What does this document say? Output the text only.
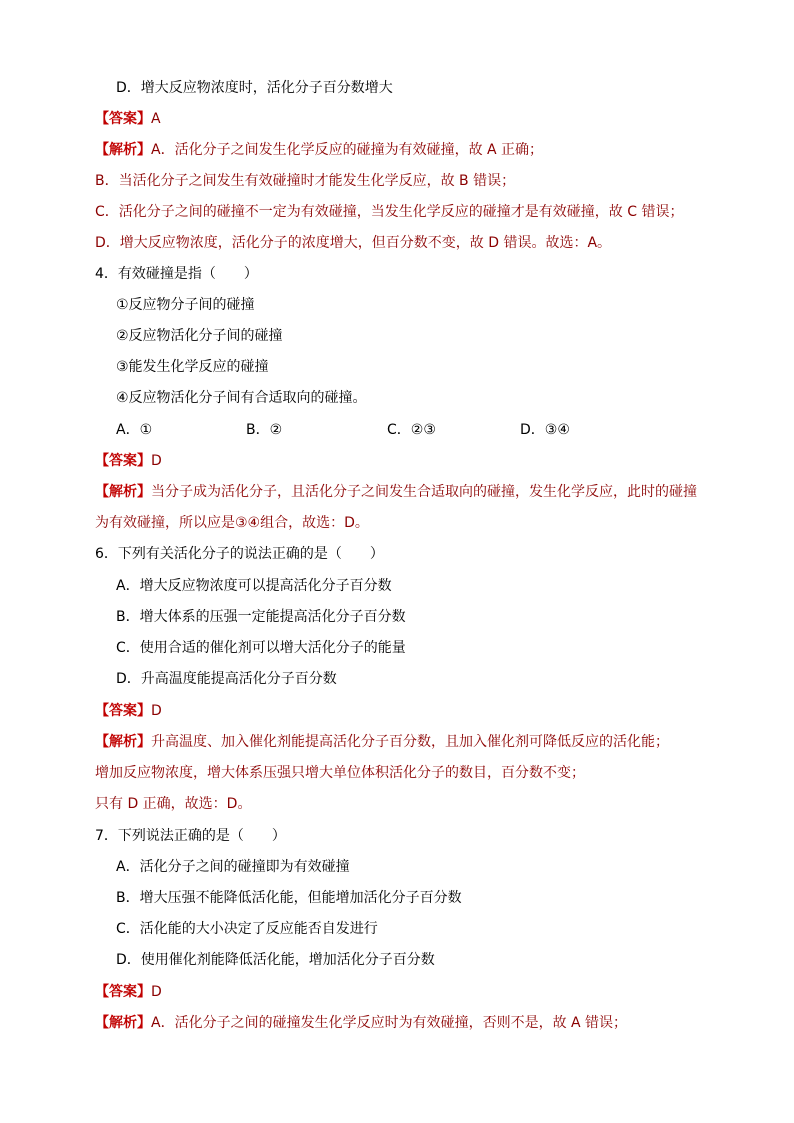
D．增大反应物浓度时，活化分子百分数增大
【答案】A
【解析】A．活化分子之间发生化学反应的碰撞为有效碰撞，故 A 正确；
B．当活化分子之间发生有效碰撞时才能发生化学反应，故 B 错误；
C．活化分子之间的碰撞不一定为有效碰撞，当发生化学反应的碰撞才是有效碰撞，故 C 错误；
D．增大反应物浓度，活化分子的浓度增大，但百分数不变，故 D 错误。故选：A。
4．有效碰撞是指（　　）
①反应物分子间的碰撞
②反应物活化分子间的碰撞
③能发生化学反应的碰撞
④反应物活化分子间有合适取向的碰撞。
A．①	B．②	C．②③	D．③④
【答案】D
【解析】当分子成为活化分子，且活化分子之间发生合适取向的碰撞，发生化学反应，此时的碰撞
为有效碰撞，所以应是③④组合，故选：D。
6．下列有关活化分子的说法正确的是（　　）
A．增大反应物浓度可以提高活化分子百分数
B．增大体系的压强一定能提高活化分子百分数
C．使用合适的催化剂可以增大活化分子的能量
D．升高温度能提高活化分子百分数
【答案】D
【解析】升高温度、加入催化剂能提高活化分子百分数，且加入催化剂可降低反应的活化能；
增加反应物浓度，增大体系压强只增大单位体积活化分子的数目，百分数不变；
只有 D 正确，故选：D。
7．下列说法正确的是（　　）
A．活化分子之间的碰撞即为有效碰撞
B．增大压强不能降低活化能，但能增加活化分子百分数
C．活化能的大小决定了反应能否自发进行
D．使用催化剂能降低活化能，增加活化分子百分数
【答案】D
【解析】A．活化分子之间的碰撞发生化学反应时为有效碰撞，否则不是，故 A 错误；
